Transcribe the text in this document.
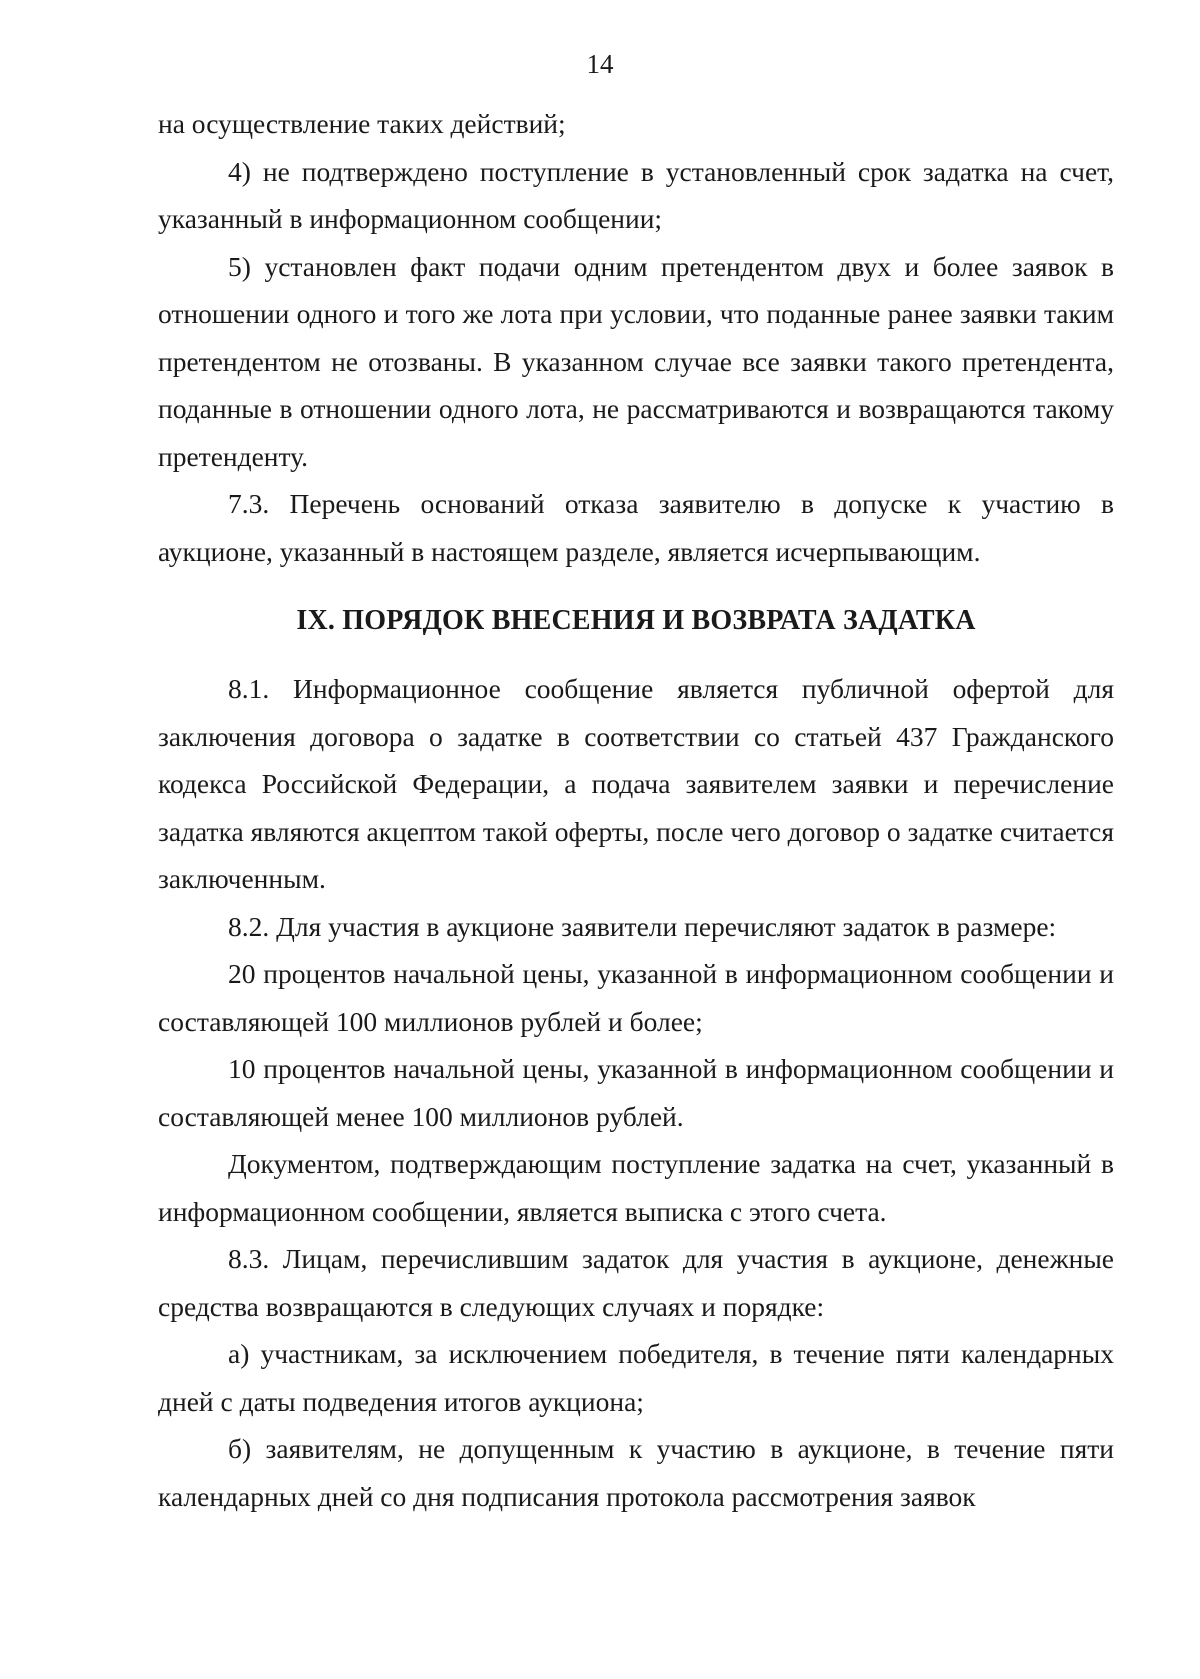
14

на осуществление таких действий;

4) не подтверждено поступление в установленный срок задатка на счет, указанный в информационном сообщении;

5) установлен факт подачи одним претендентом двух и более заявок в отношении одного и того же лота при условии, что поданные ранее заявки таким претендентом не отозваны. В указанном случае все заявки такого претендента, поданные в отношении одного лота, не рассматриваются и возвращаются такому претенденту.

7.3. Перечень оснований отказа заявителю в допуске к участию в аукционе, указанный в настоящем разделе, является исчерпывающим.

IX. ПОРЯДОК ВНЕСЕНИЯ И ВОЗВРАТА ЗАДАТКА

8.1. Информационное сообщение является публичной офертой для заключения договора о задатке в соответствии со статьей 437 Гражданского кодекса Российской Федерации, а подача заявителем заявки и перечисление задатка являются акцептом такой оферты, после чего договор о задатке считается заключенным.

8.2. Для участия в аукционе заявители перечисляют задаток в размере:

20 процентов начальной цены, указанной в информационном сообщении и составляющей 100 миллионов рублей и более;

10 процентов начальной цены, указанной в информационном сообщении и составляющей менее 100 миллионов рублей.

Документом, подтверждающим поступление задатка на счет, указанный в информационном сообщении, является выписка с этого счета.

8.3. Лицам, перечислившим задаток для участия в аукционе, денежные средства возвращаются в следующих случаях и порядке:

а) участникам, за исключением победителя, в течение пяти календарных дней с даты подведения итогов аукциона;

б) заявителям, не допущенным к участию в аукционе, в течение пяти календарных дней со дня подписания протокола рассмотрения заявок
